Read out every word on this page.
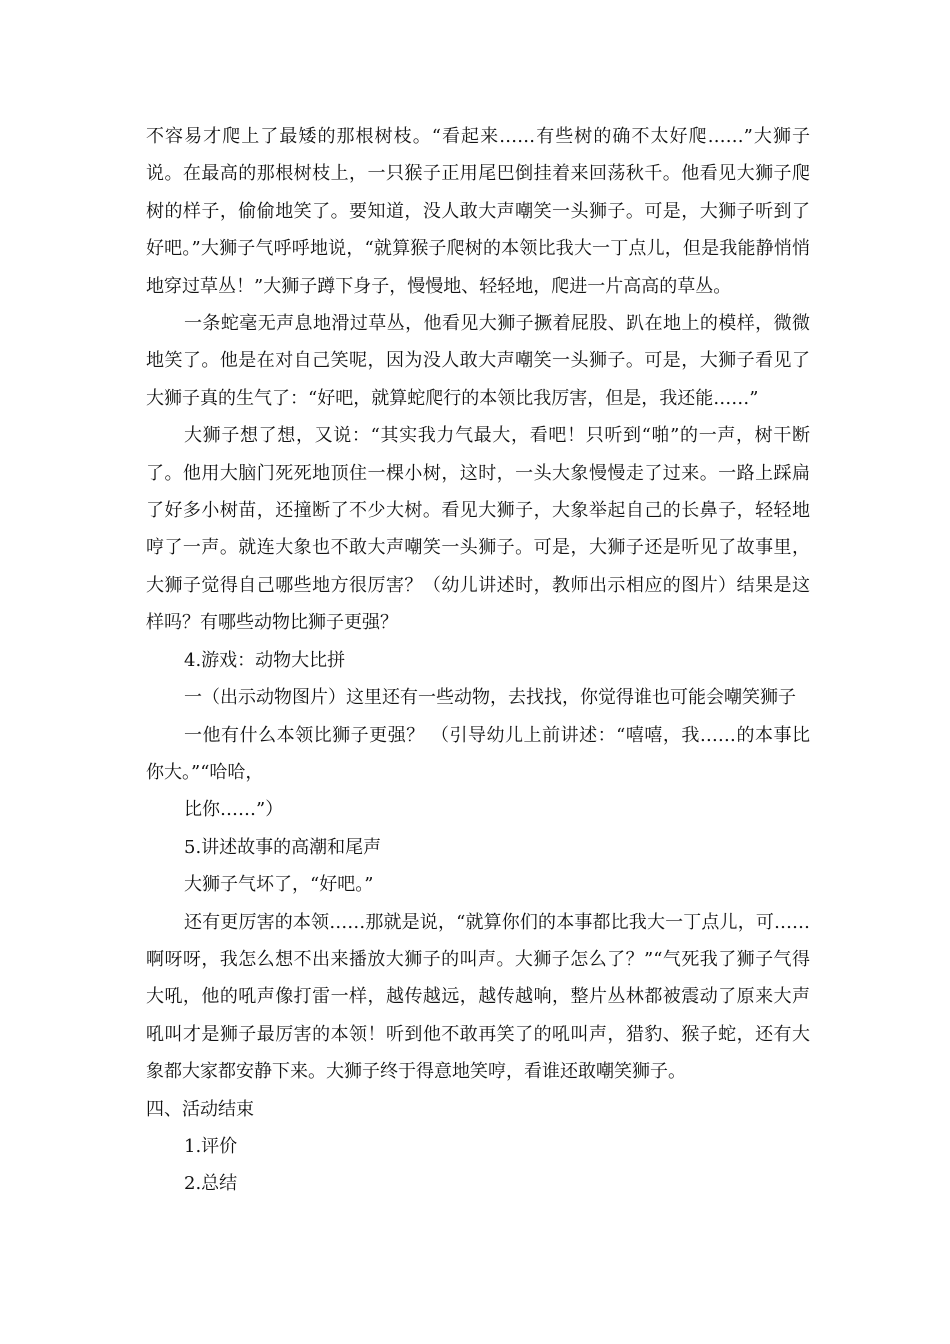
不容易才爬上了最矮的那根树枝。“看起来……有些树的确不太好爬……”大狮子说。在最高的那根树枝上，一只猴子正用尾巴倒挂着来回荡秋千。他看见大狮子爬树的样子，偷偷地笑了。要知道，没人敢大声嘲笑一头狮子。可是，大狮子听到了好吧。”大狮子气呼呼地说，“就算猴子爬树的本领比我大一丁点儿，但是我能静悄悄地穿过草丛！”大狮子蹲下身子，慢慢地、轻轻地，爬进一片高高的草丛。

一条蛇毫无声息地滑过草丛，他看见大狮子撅着屁股、趴在地上的模样，微微地笑了。他是在对自己笑呢，因为没人敢大声嘲笑一头狮子。可是，大狮子看见了大狮子真的生气了：“好吧，就算蛇爬行的本领比我厉害，但是，我还能……”

大狮子想了想，又说：“其实我力气最大，看吧！只听到“啪”的一声，树干断了。他用大脑门死死地顶住一棵小树，这时，一头大象慢慢走了过来。一路上踩扁了好多小树苗，还撞断了不少大树。看见大狮子，大象举起自己的长鼻子，轻轻地哼了一声。就连大象也不敢大声嘲笑一头狮子。可是，大狮子还是听见了故事里，大狮子觉得自己哪些地方很厉害？（幼儿讲述时，教师出示相应的图片）结果是这样吗？有哪些动物比狮子更强？

4.游戏：动物大比拼

一（出示动物图片）这里还有一些动物，去找找，你觉得谁也可能会嘲笑狮子

一他有什么本领比狮子更强？ （引导幼儿上前讲述：“嘻嘻，我……的本事比你大。”“哈哈，

比你……”）

5.讲述故事的高潮和尾声

大狮子气坏了，“好吧。”

还有更厉害的本领……那就是说，“就算你们的本事都比我大一丁点儿，可……啊呀呀，我怎么想不出来播放大狮子的叫声。大狮子怎么了？”“气死我了狮子气得大吼，他的吼声像打雷一样，越传越远，越传越响，整片丛林都被震动了原来大声吼叫才是狮子最厉害的本领！听到他不敢再笑了的吼叫声，猎豹、猴子蛇，还有大象都大家都安静下来。大狮子终于得意地笑哼，看谁还敢嘲笑狮子。

四、活动结束

1.评价

2.总结
